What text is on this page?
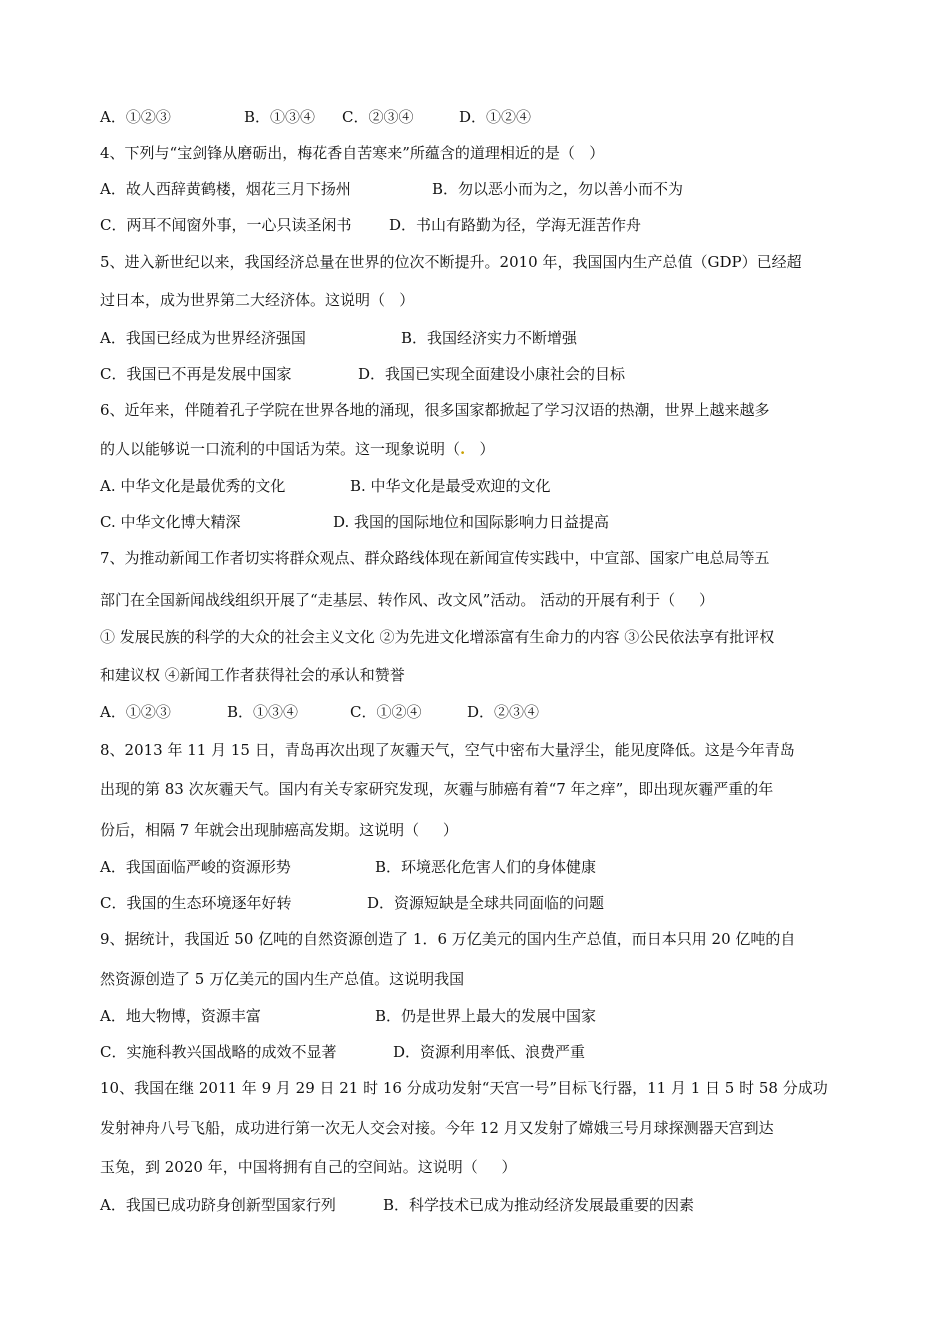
A．①②③	B．①③④ C．②③④	D．①②④
4、下列与“宝剑锋从磨砺出，梅花香自苦寒来”所蕴含的道理相近的是（   ）
A．故人西辞黄鹤楼，烟花三月下扬州	B．勿以恶小而为之，勿以善小而不为
C．两耳不闻窗外事，一心只读圣闲书	D．书山有路勤为径，学海无涯苦作舟
5、进入新世纪以来，我国经济总量在世界的位次不断提升。2010 年，我国国内生产总值（GDP）已经超
过日本，成为世界第二大经济体。这说明（   ）
A．我国已经成为世界经济强国	B．我国经济实力不断增强
C．我国已不再是发展中国家	D．我国已实现全面建设小康社会的目标
6、近年来，伴随着孔子学院在世界各地的涌现，很多国家都掀起了学习汉语的热潮，世界上越来越多
的人以能够说一口流利的中国话为荣。这一现象说明（.   ）
A. 中华文化是最优秀的文化	B. 中华文化是最受欢迎的文化
C. 中华文化博大精深	D. 我国的国际地位和国际影响力日益提高
7、为推动新闻工作者切实将群众观点、群众路线体现在新闻宣传实践中，中宣部、国家广电总局等五
部门在全国新闻战线组织开展了“走基层、转作风、改文风”活动。 活动的开展有利于（     ）
① 发展民族的科学的大众的社会主义文化 ②为先进文化增添富有生命力的内容 ③公民依法享有批评权
和建议权 ④新闻工作者获得社会的承认和赞誉
A．①②③	B．①③④	C．①②④	D．②③④
8、2013 年 11 月 15 日，青岛再次出现了灰霾天气，空气中密布大量浮尘，能见度降低。这是今年青岛
出现的第 83 次灰霾天气。国内有关专家研究发现，灰霾与肺癌有着“7 年之痒”，即出现灰霾严重的年
份后，相隔 7 年就会出现肺癌高发期。这说明（     ）
A．我国面临严峻的资源形势	B．环境恶化危害人们的身体健康
C．我国的生态环境逐年好转	D．资源短缺是全球共同面临的问题
9、据统计，我国近 50 亿吨的自然资源创造了 1．6 万亿美元的国内生产总值，而日本只用 20 亿吨的自
然资源创造了 5 万亿美元的国内生产总值。这说明我国
A．地大物博，资源丰富	B．仍是世界上最大的发展中国家
C．实施科教兴国战略的成效不显著	D．资源利用率低、浪费严重
10、我国在继 2011 年 9 月 29 日 21 时 16 分成功发射“天宫一号”目标飞行器，11 月 1 日 5 时 58 分成功
发射神舟八号飞船，成功进行第一次无人交会对接。今年 12 月又发射了嫦娥三号月球探测器天宫到达
玉兔，到 2020 年，中国将拥有自己的空间站。这说明（     ）
A．我国已成功跻身创新型国家行列	B．科学技术已成为推动经济发展最重要的因素
